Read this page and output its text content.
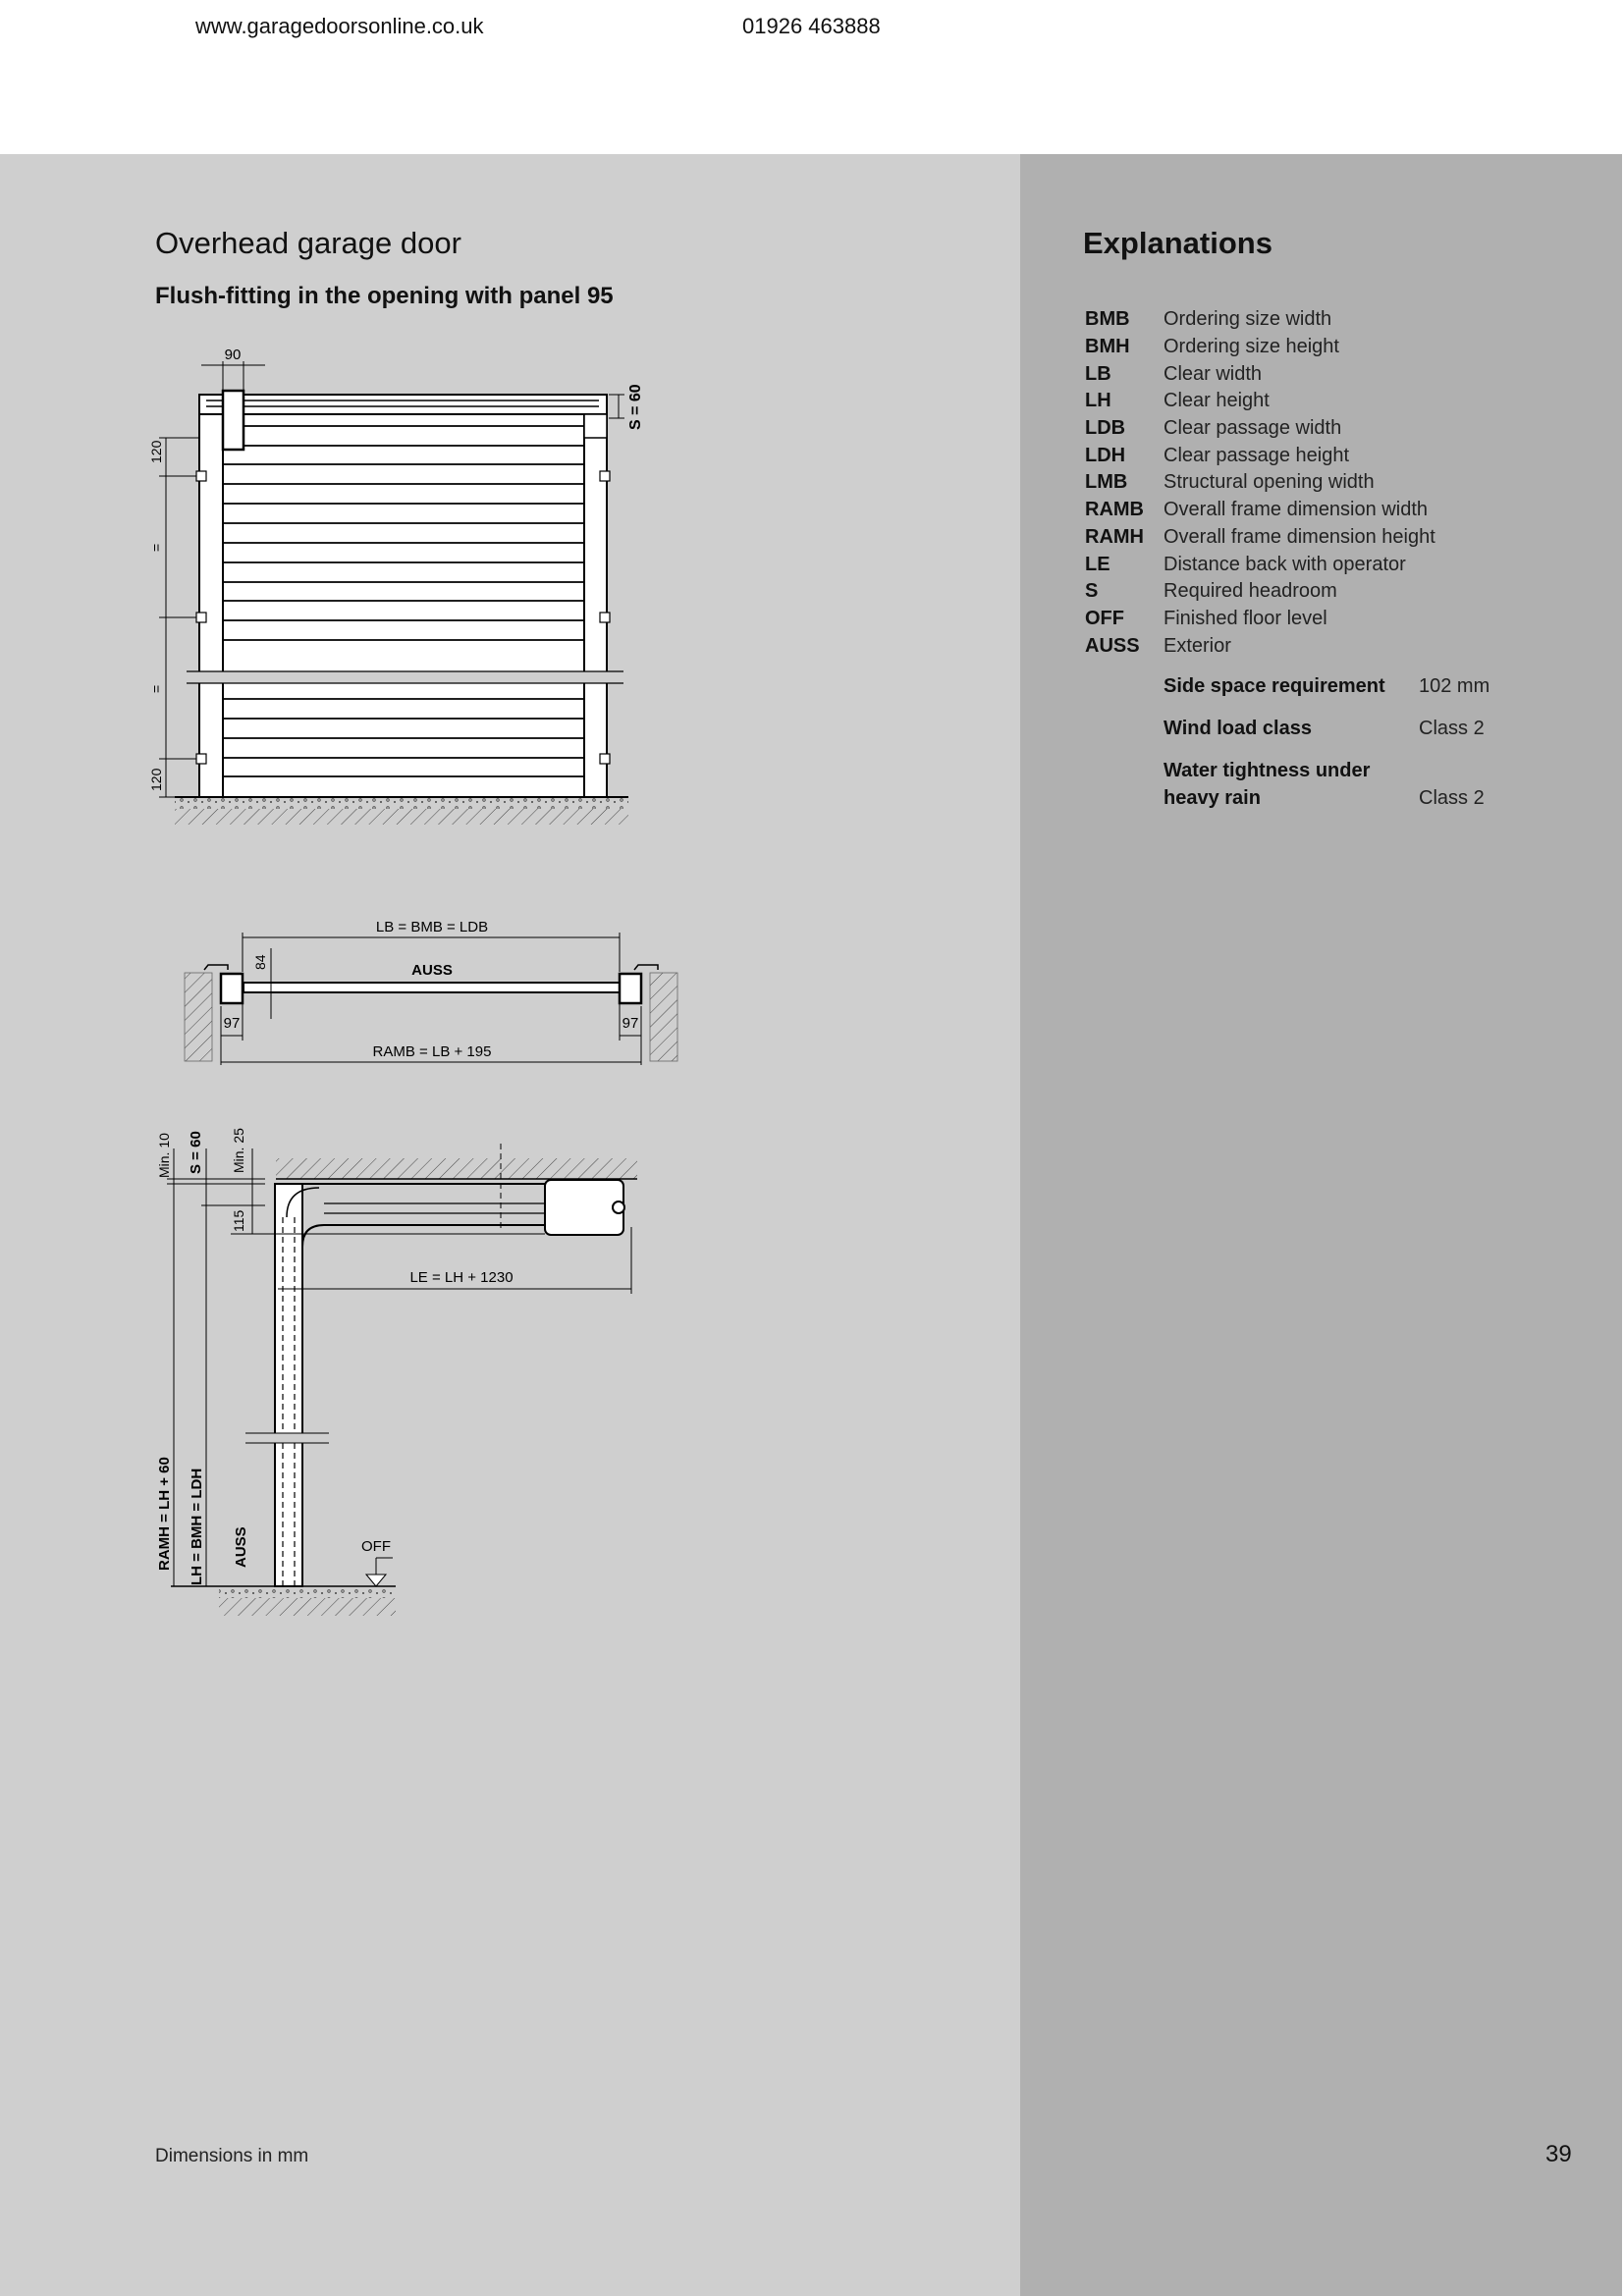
www.garagedoorsonline.co.uk	01926 463888
Overhead garage door
Flush-fitting in the opening with panel 95
90
S = 60
120
=
=
120
LB = BMB = LDB
AUSS
84
97	97
RAMB = LB + 195
OFF
LE = LH + 1230
Min. 10 S = 60 Min. 25
115
RAMH = LH + 60 LH = BMH = LDH AUSS
Explanations
BMB	Ordering size width
BMH	Ordering size height
LB	Clear width
LH	Clear height
LDB	Clear passage width
LDH	Clear passage height
LMB	Structural opening width
RAMB	Overall frame dimension width
RAMH	Overall frame dimension height
LE	Distance back with operator
S	Required headroom
OFF	Finished floor level
AUSS	Exterior
Side space requirement	102 mm
Wind load class	Class 2
Water tightness under heavy rain	Class 2
Dimensions in mm	39
